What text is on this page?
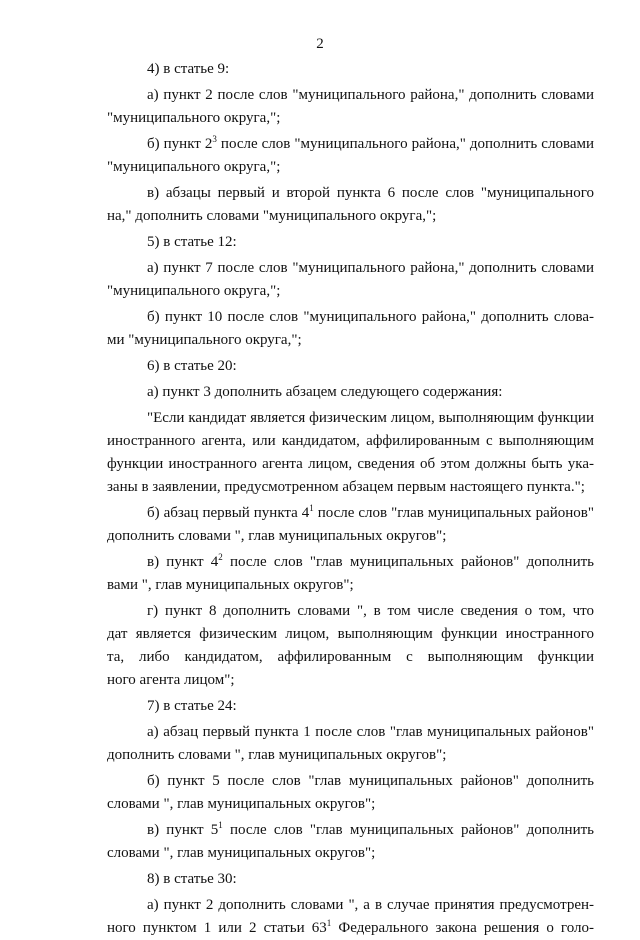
2
4) в статье 9:
а) пункт 2 после слов "муниципального района," дополнить словами
"муниципального округа,";
б) пункт $2^3$ после слов "муниципального района," дополнить словами
"муниципального округа,";
в) абзацы первый и второй пункта 6 после слов "муниципального
на," дополнить словами "муниципального округа,";
5) в статье 12:
а) пункт 7 после слов "муниципального района," дополнить словами
"муниципального округа,";
б) пункт 10 после слов "муниципального района," дополнить слова-
ми "муниципального округа,";
6) в статье 20:
а) пункт 3 дополнить абзацем следующего содержания:
"Если кандидат является физическим лицом, выполняющим функции
иностранного агента, или кандидатом, аффилированным с выполняющим
функции иностранного агента лицом, сведения об этом должны быть ука-
заны в заявлении, предусмотренном абзацем первым настоящего пункта.";
б) абзац первый пункта $4^1$ после слов "глав муниципальных районов"
дополнить словами ", глав муниципальных округов";
в) пункт $4^2$ после слов "глав муниципальных районов" дополнить
вами ", глав муниципальных округов";
г) пункт 8 дополнить словами ", в том числе сведения о том, что
дат является физическим лицом, выполняющим функции иностранного
та, либо кандидатом, аффилированным с выполняющим функции
ного агента лицом";
7) в статье 24:
а) абзац первый пункта 1 после слов "глав муниципальных районов"
дополнить словами ", глав муниципальных округов";
б) пункт 5 после слов "глав муниципальных районов" дополнить
словами ", глав муниципальных округов";
в) пункт $5^1$ после слов "глав муниципальных районов" дополнить
словами ", глав муниципальных округов";
8) в статье 30:
а) пункт 2 дополнить словами ", а в случае принятия предусмотрен-
ного пунктом 1 или 2 статьи $63^1$ Федерального закона решения о голо-
